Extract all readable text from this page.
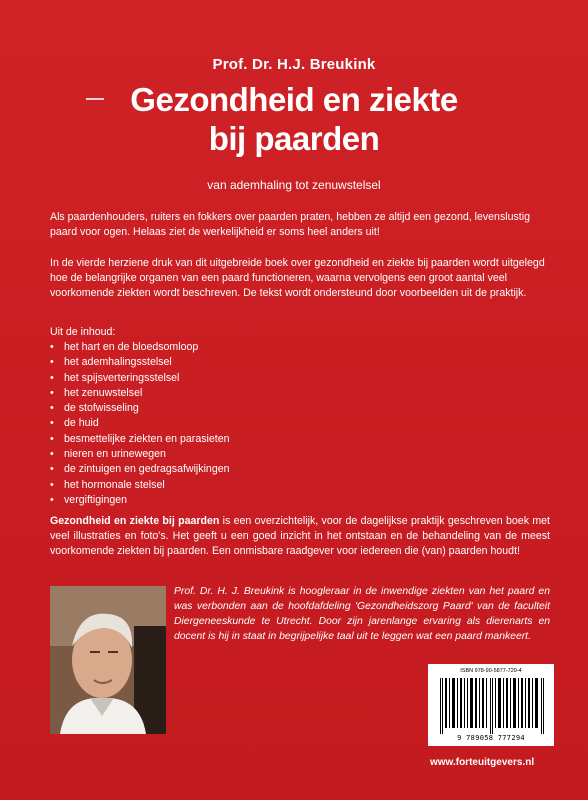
Prof. Dr. H.J. Breukink
Gezondheid en ziekte
bij paarden
van ademhaling tot zenuwstelsel

Als paardenhouders, ruiters en fokkers over paarden praten, hebben ze altijd een gezond, levenslustig paard voor ogen. Helaas ziet de werkelijkheid er soms heel anders uit!

In de vierde herziene druk van dit uitgebreide boek over gezondheid en ziekte bij paarden wordt uitgelegd hoe de belangrijke organen van een paard functioneren, waarna vervolgens een groot aantal veel voorkomende ziekten wordt beschreven. De tekst wordt ondersteund door voorbeelden uit de praktijk.

Uit de inhoud:
• het hart en de bloedsomloop
• het ademhalingsstelsel
• het spijsverteringsstelsel
• het zenuwstelsel
• de stofwisseling
• de huid
• besmettelijke ziekten en parasieten
• nieren en urinewegen
• de zintuigen en gedragsafwijkingen
• het hormonale stelsel
• vergiftigingen

Gezondheid en ziekte bij paarden is een overzichtelijk, voor de dagelijkse praktijk geschreven boek met veel illustraties en foto's. Het geeft u een goed inzicht in het ontstaan en de behandeling van de meest voorkomende ziekten bij paarden. Een onmisbare raadgever voor iedereen die (van) paarden houdt!

Prof. Dr. H. J. Breukink is hoogleraar in de inwendige ziekten van het paard en was verbonden aan de hoofdafdeling 'Gezondheidszorg Paard' van de faculteit Diergeneeskunde te Utrecht. Door zijn jarenlange ervaring als dierenarts en docent is hij in staat in begrijpelijke taal uit te leggen wat een paard mankeert.

ISBN 978-90-5877-729-4
9 789058 777294
www.forteuitgevers.nl
